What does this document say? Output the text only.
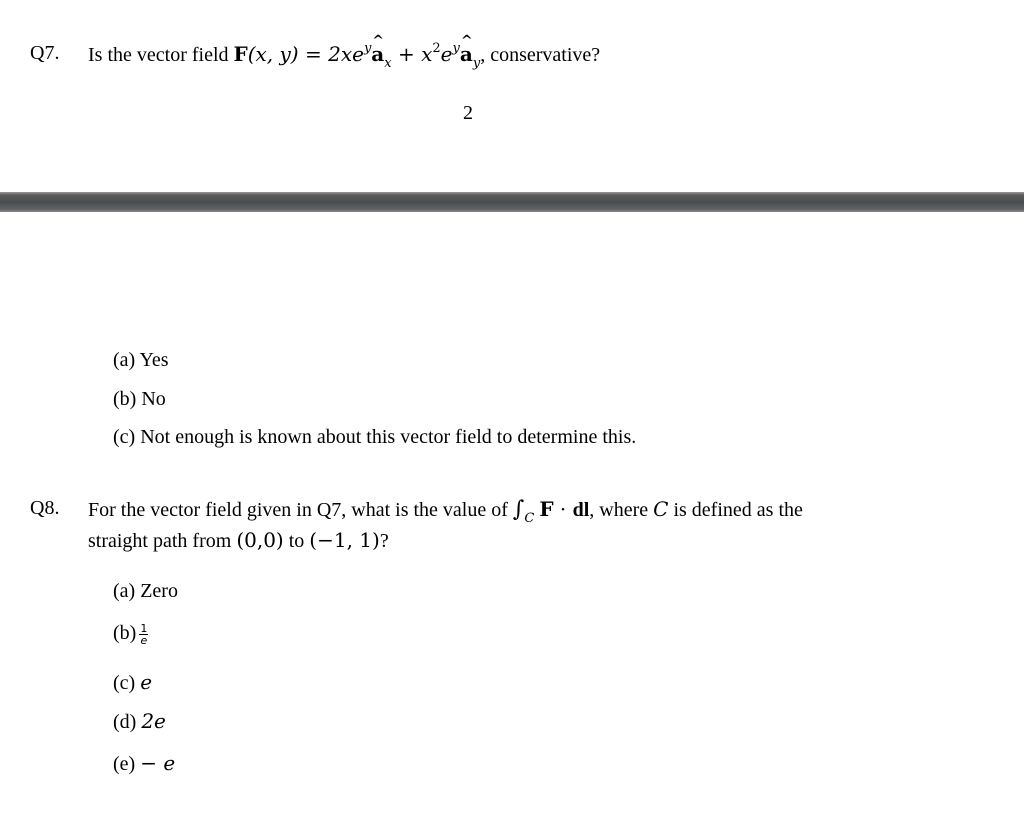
Q7. Is the vector field F(x, $y) = 2xe^y\^{}$ $a_x$ + $x^2e^y\^{}$ $a_y$, conservative?
2
(a) Yes
(b) No
(c) Not enough is known about this vector field to determine this.
Q8. For the vector field given in Q7, what is the value of $\int_C$ F · dl, where C is defined as the
straight path from (0,0) to (−1, 1)?
(a) Zero
$(b) \frac{1}{e}$
(c) e
(d) 2e
(e) − e
